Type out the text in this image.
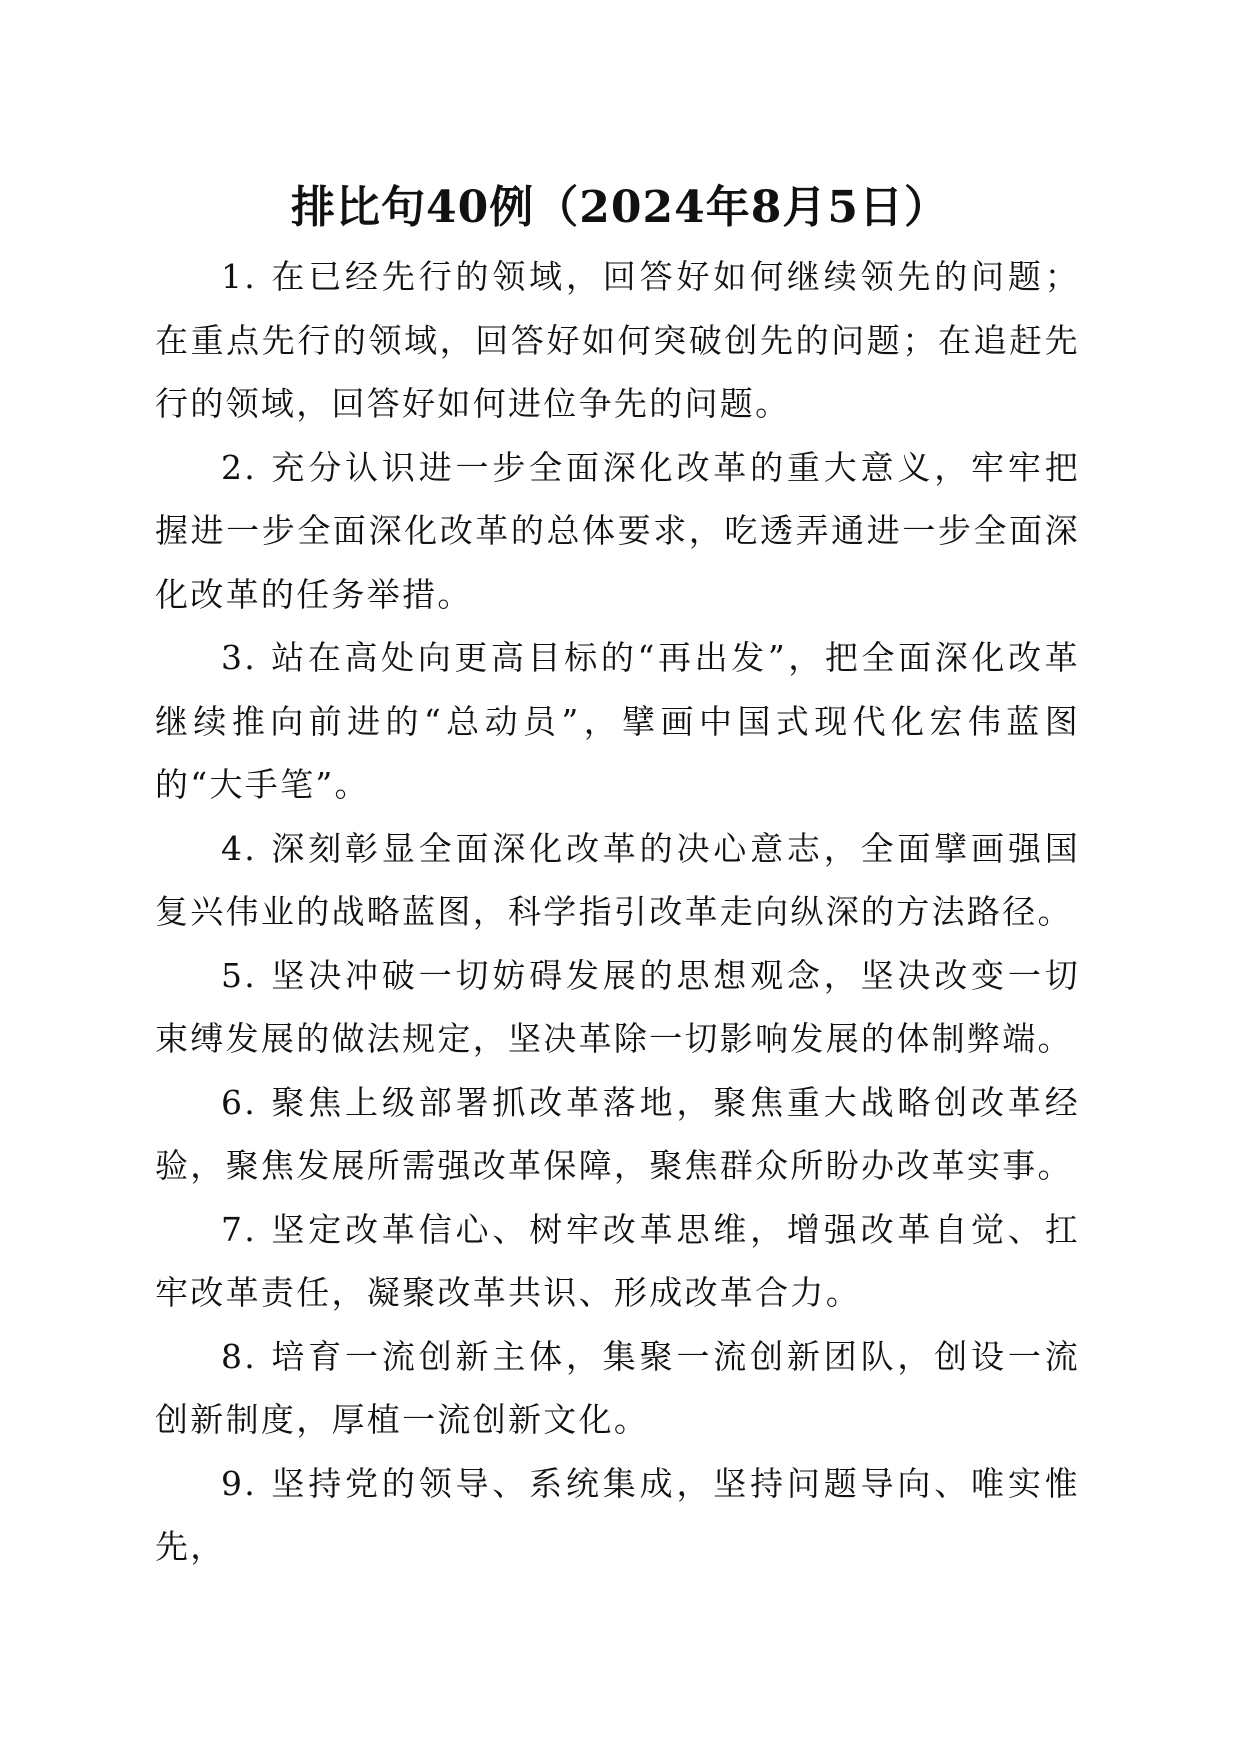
排比句40例（2024年8月5日）

1. 在已经先行的领域，回答好如何继续领先的问题；在重点先行的领域，回答好如何突破创先的问题；在追赶先行的领域，回答好如何进位争先的问题。

2. 充分认识进一步全面深化改革的重大意义，牢牢把握进一步全面深化改革的总体要求，吃透弄通进一步全面深化改革的任务举措。

3. 站在高处向更高目标的“再出发”，把全面深化改革继续推向前进的“总动员”，擘画中国式现代化宏伟蓝图的“大手笔”。

4. 深刻彰显全面深化改革的决心意志，全面擘画强国复兴伟业的战略蓝图，科学指引改革走向纵深的方法路径。

5. 坚决冲破一切妨碍发展的思想观念，坚决改变一切束缚发展的做法规定，坚决革除一切影响发展的体制弊端。

6. 聚焦上级部署抓改革落地，聚焦重大战略创改革经验，聚焦发展所需强改革保障，聚焦群众所盼办改革实事。

7. 坚定改革信心、树牢改革思维，增强改革自觉、扛牢改革责任，凝聚改革共识、形成改革合力。

8. 培育一流创新主体，集聚一流创新团队，创设一流创新制度，厚植一流创新文化。

9. 坚持党的领导、系统集成，坚持问题导向、唯实惟先，
